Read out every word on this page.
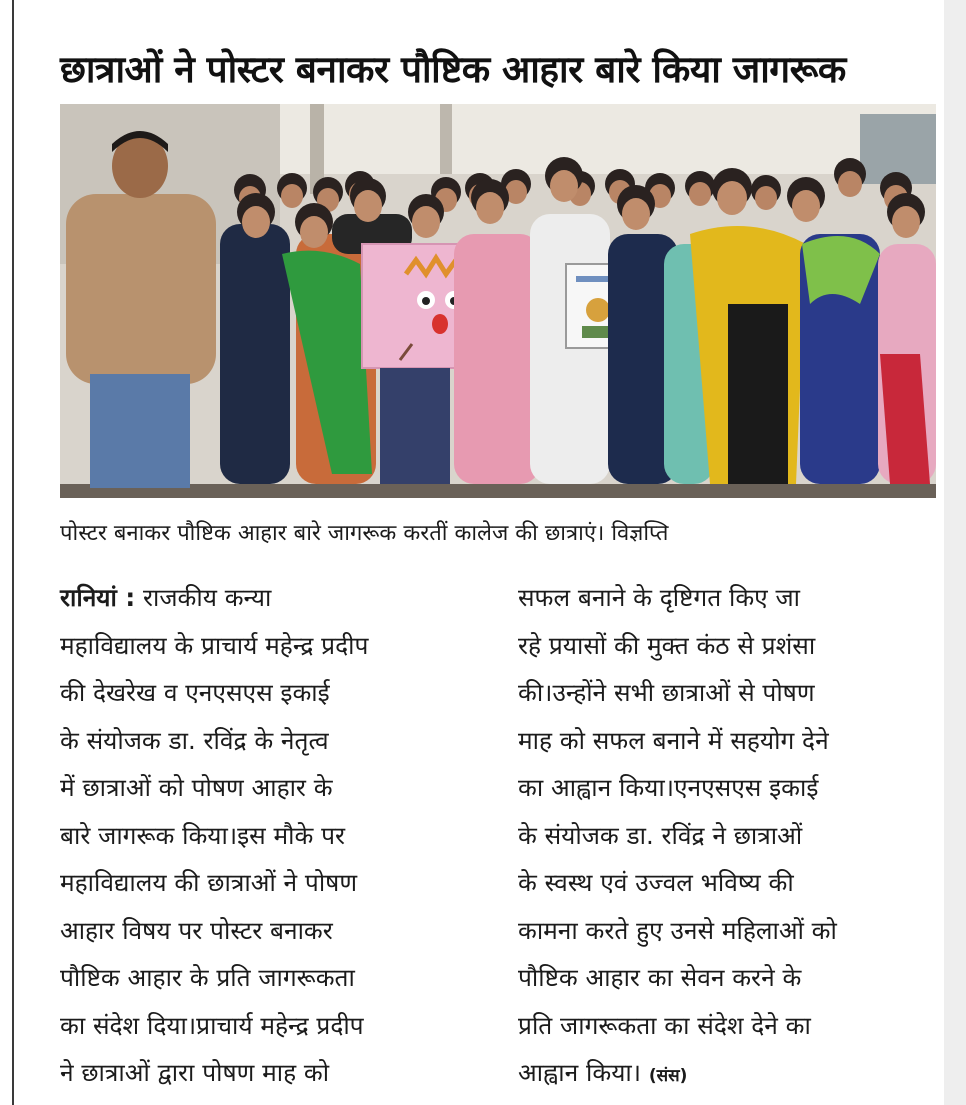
छात्राओं ने पोस्टर बनाकर पौष्टिक आहार बारे किया जागरूक
पोस्टर बनाकर पौष्टिक आहार बारे जागरूक करतीं कालेज की छात्राएं। विज्ञप्ति

रानियां : राजकीय कन्या

महाविद्यालय के प्राचार्य महेन्द्र प्रदीप

की देखरेख व एनएसएस इकाई

के संयोजक डा. रविंद्र के नेतृत्व

में छात्राओं को पोषण आहार के

बारे जागरूक किया।इस मौके पर

महाविद्यालय की छात्राओं ने पोषण

आहार विषय पर पोस्टर बनाकर

पौष्टिक आहार के प्रति जागरूकता

का संदेश दिया।प्राचार्य महेन्द्र प्रदीप

ने छात्राओं द्वारा पोषण माह को

सफल बनाने के दृष्टिगत किए जा

रहे प्रयासों की मुक्त कंठ से प्रशंसा

की।उन्होंने सभी छात्राओं से पोषण

माह को सफल बनाने में सहयोग देने

का आह्वान किया।एनएसएस इकाई

के संयोजक डा. रविंद्र ने छात्राओं

के स्वस्थ एवं उज्वल भविष्य की

कामना करते हुए उनसे महिलाओं को

पौष्टिक आहार का सेवन करने के

प्रति जागरूकता का संदेश देने का

आह्वान किया। (संस)
